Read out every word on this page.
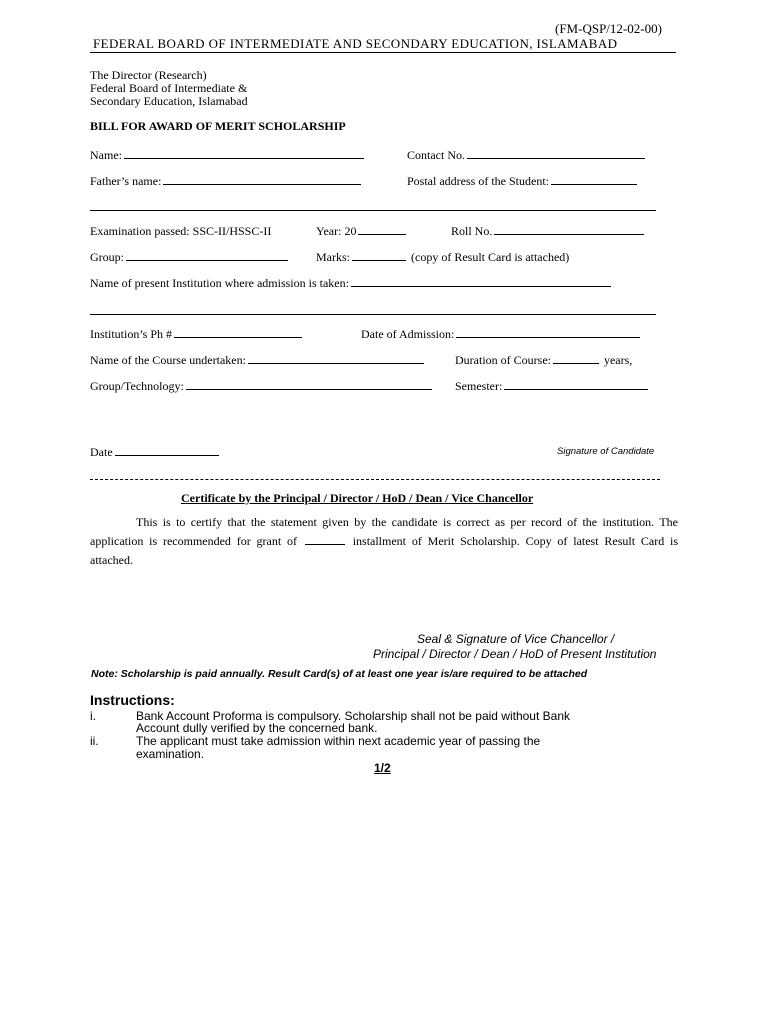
(FM-QSP/12-02-00)
FEDERAL BOARD OF INTERMEDIATE AND SECONDARY EDUCATION, ISLAMABAD
The Director (Research)
Federal Board of Intermediate &
Secondary Education, Islamabad
BILL FOR AWARD OF MERIT SCHOLARSHIP
Name:	Contact No.
Father’s name:	Postal address of the Student:
Examination passed: SSC-II/HSSC-II	Year: 20	Roll No.
Group:	Marks:	(copy of Result Card is attached)
Name of present Institution where admission is taken:
Institution’s Ph #	Date of Admission:
Name of the Course undertaken:	Duration of Course:	years,
Group/Technology:	Semester:
Date	Signature of Candidate
Certificate by the Principal / Director / HoD / Dean / Vice Chancellor
This is to certify that the statement given by the candidate is correct as per record of the institution. The application is recommended for grant of	installment of Merit Scholarship. Copy of latest Result Card is attached.
Seal & Signature of Vice Chancellor /
Principal / Director / Dean / HoD of Present Institution
Note: Scholarship is paid annually. Result Card(s) of at least one year is/are required to be attached
Instructions:
i.	Bank Account Proforma is compulsory. Scholarship shall not be paid without Bank
Account dully verified by the concerned bank.
ii.	The applicant must take admission within next academic year of passing the
examination.
1/2
